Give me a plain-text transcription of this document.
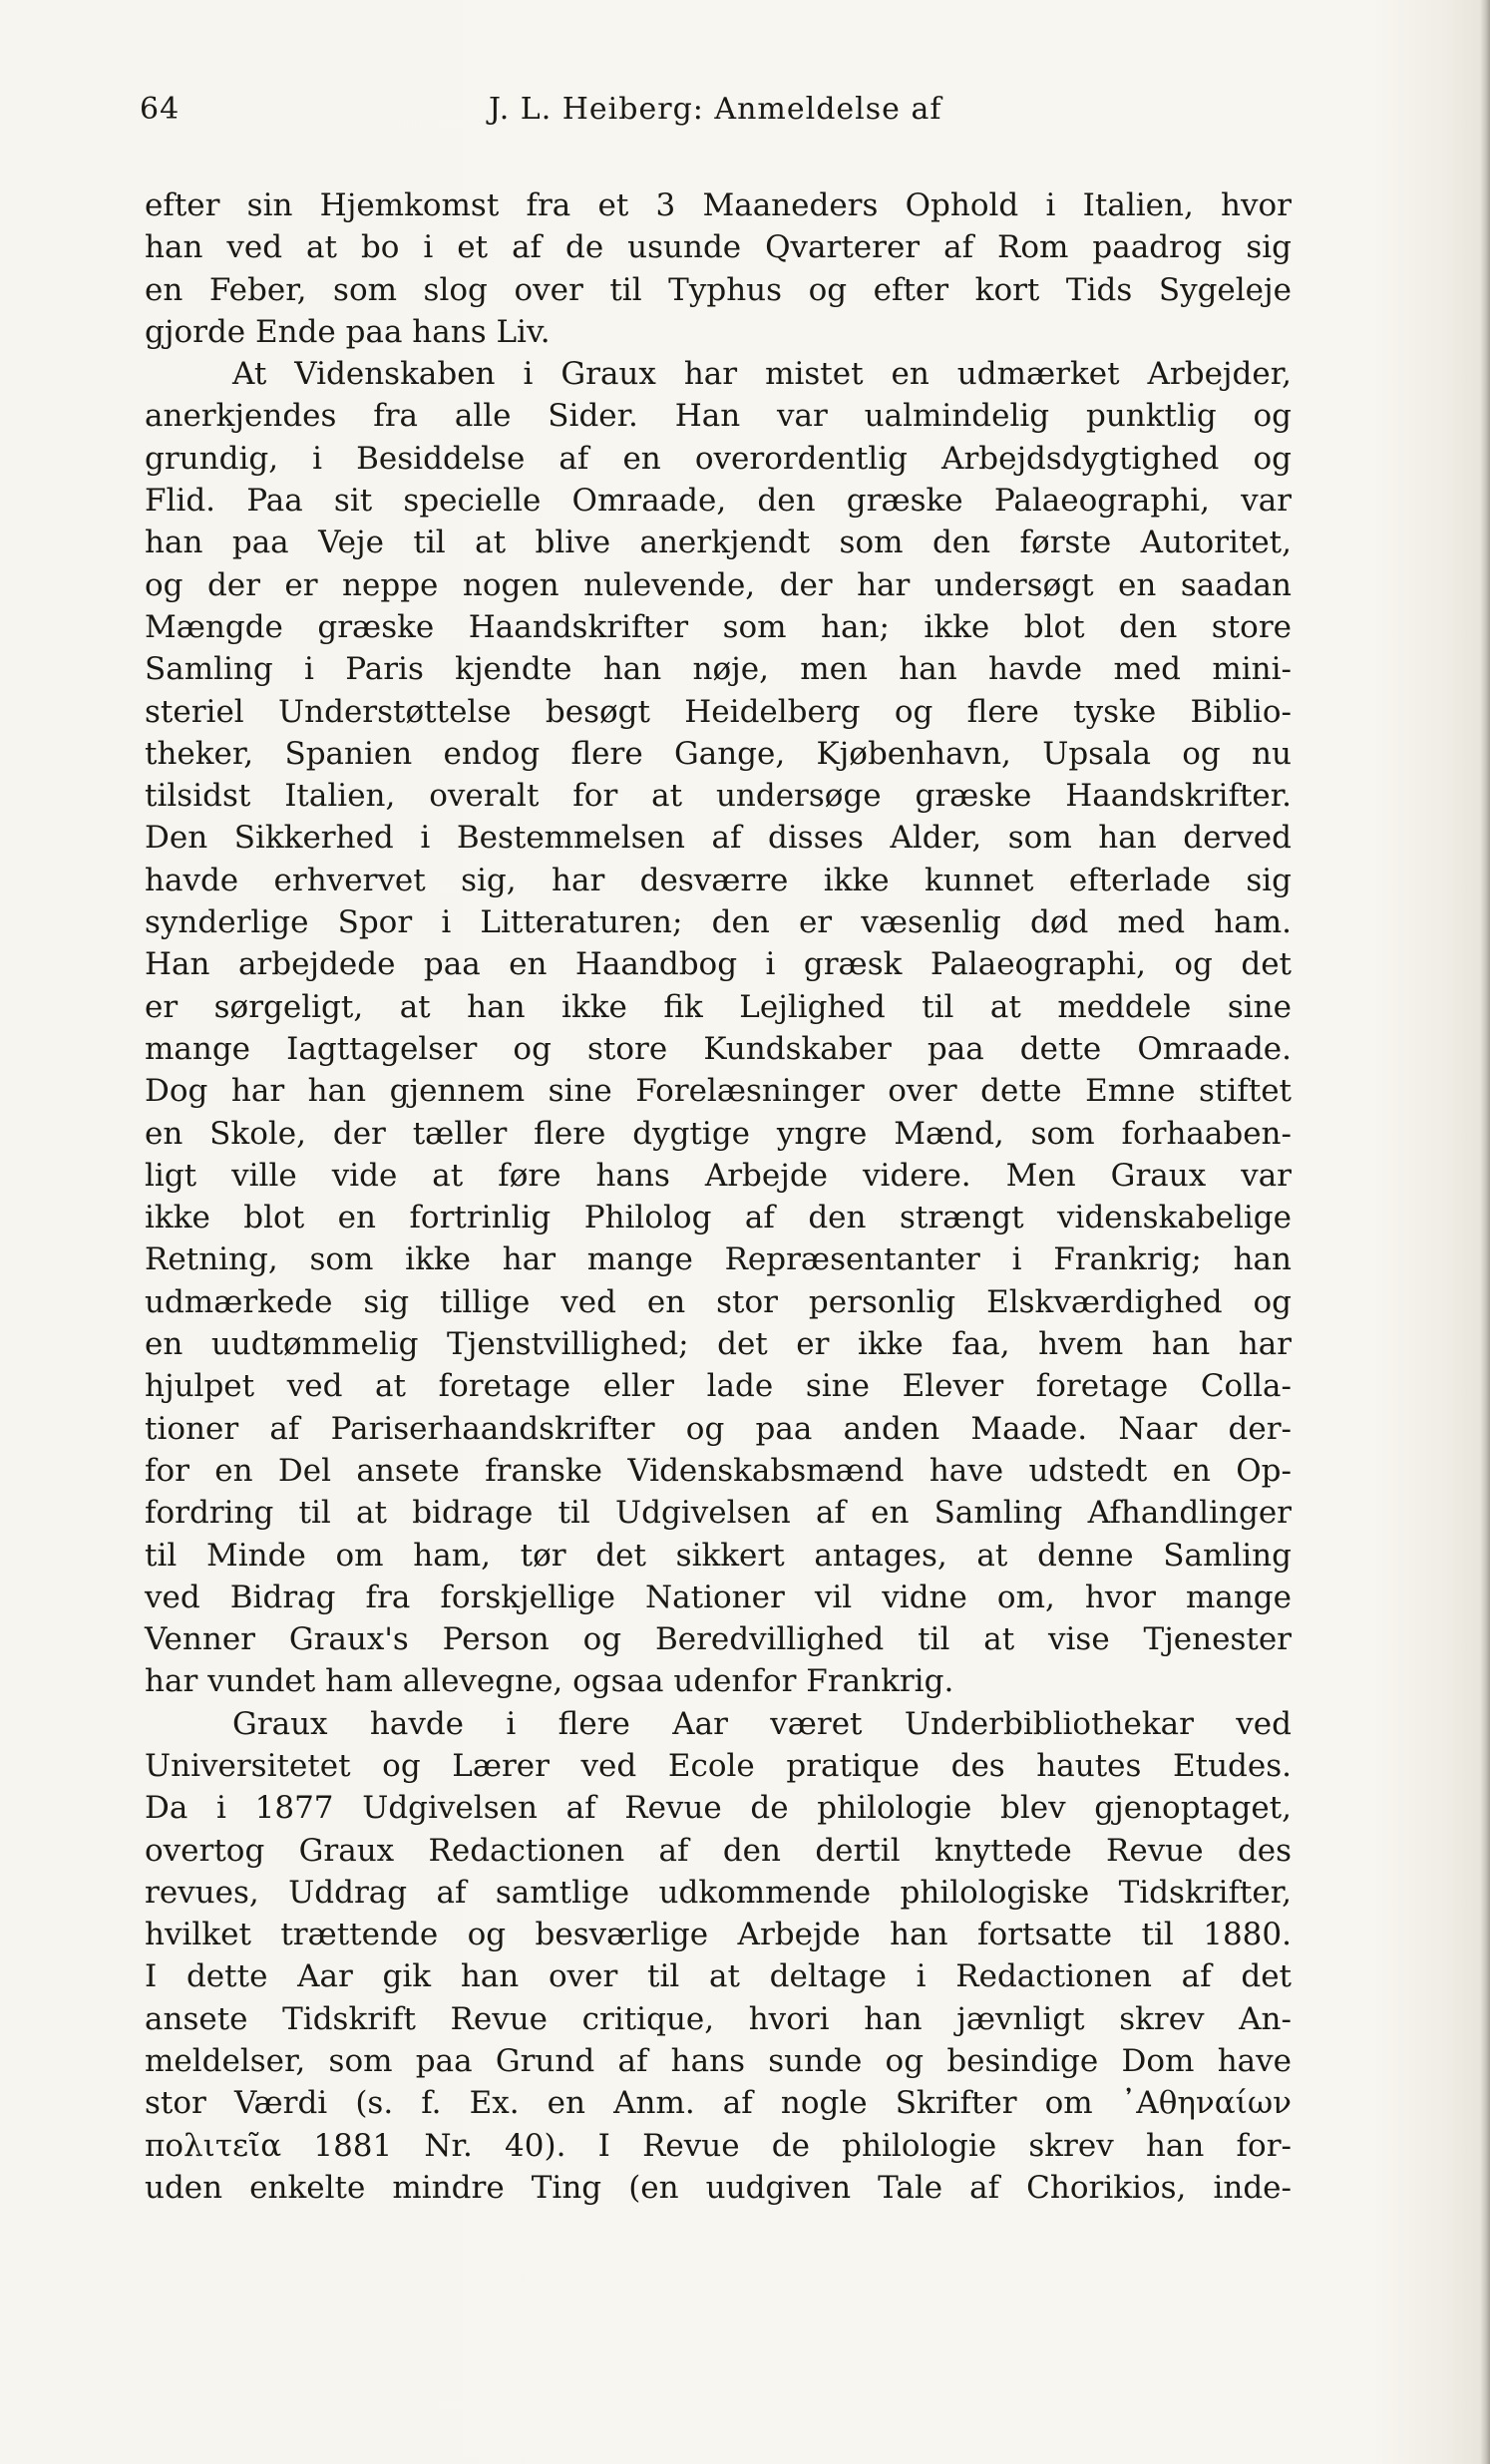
64	J. L. Heiberg: Anmeldelse af
efter sin Hjemkomst fra et 3 Maaneders Ophold i Italien, hvor
han ved at bo i et af de usunde Qvarterer af Rom paadrog sig
en Feber, som slog over til Typhus og efter kort Tids Sygeleje
gjorde Ende paa hans Liv.
At Videnskaben i Graux har mistet en udmærket Arbejder,
anerkjendes fra alle Sider. Han var ualmindelig punktlig og
grundig, i Besiddelse af en overordentlig Arbejdsdygtighed og
Flid. Paa sit specielle Omraade, den græske Palaeographi, var
han paa Veje til at blive anerkjendt som den første Autoritet,
og der er neppe nogen nulevende, der har undersøgt en saadan
Mængde græske Haandskrifter som han; ikke blot den store
Samling i Paris kjendte han nøje, men han havde med mini-
steriel Understøttelse besøgt Heidelberg og flere tyske Biblio-
theker, Spanien endog flere Gange, Kjøbenhavn, Upsala og nu
tilsidst Italien, overalt for at undersøge græske Haandskrifter.
Den Sikkerhed i Bestemmelsen af disses Alder, som han derved
havde erhvervet sig, har desværre ikke kunnet efterlade sig
synderlige Spor i Litteraturen; den er væsenlig død med ham.
Han arbejdede paa en Haandbog i græsk Palaeographi, og det
er sørgeligt, at han ikke fik Lejlighed til at meddele sine
mange Iagttagelser og store Kundskaber paa dette Omraade.
Dog har han gjennem sine Forelæsninger over dette Emne stiftet
en Skole, der tæller flere dygtige yngre Mænd, som forhaaben-
ligt ville vide at føre hans Arbejde videre. Men Graux var
ikke blot en fortrinlig Philolog af den strængt videnskabelige
Retning, som ikke har mange Repræsentanter i Frankrig; han
udmærkede sig tillige ved en stor personlig Elskværdighed og
en uudtømmelig Tjenstvillighed; det er ikke faa, hvem han har
hjulpet ved at foretage eller lade sine Elever foretage Colla-
tioner af Pariserhaandskrifter og paa anden Maade. Naar der-
for en Del ansete franske Videnskabsmænd have udstedt en Op-
fordring til at bidrage til Udgivelsen af en Samling Afhandlinger
til Minde om ham, tør det sikkert antages, at denne Samling
ved Bidrag fra forskjellige Nationer vil vidne om, hvor mange
Venner Graux's Person og Beredvillighed til at vise Tjenester
har vundet ham allevegne, ogsaa udenfor Frankrig.
Graux havde i flere Aar været Underbibliothekar ved
Universitetet og Lærer ved Ecole pratique des hautes Etudes.
Da i 1877 Udgivelsen af Revue de philologie blev gjenoptaget,
overtog Graux Redactionen af den dertil knyttede Revue des
revues, Uddrag af samtlige udkommende philologiske Tidskrifter,
hvilket trættende og besværlige Arbejde han fortsatte til 1880.
I dette Aar gik han over til at deltage i Redactionen af det
ansete Tidskrift Revue critique, hvori han jævnligt skrev An-
meldelser, som paa Grund af hans sunde og besindige Dom have
stor Værdi (s. f. Ex. en Anm. af nogle Skrifter om ᾿Αθηναίων
πολιτεῖα 1881 Nr. 40). I Revue de philologie skrev han for-
uden enkelte mindre Ting (en uudgiven Tale af Chorikios, inde-
